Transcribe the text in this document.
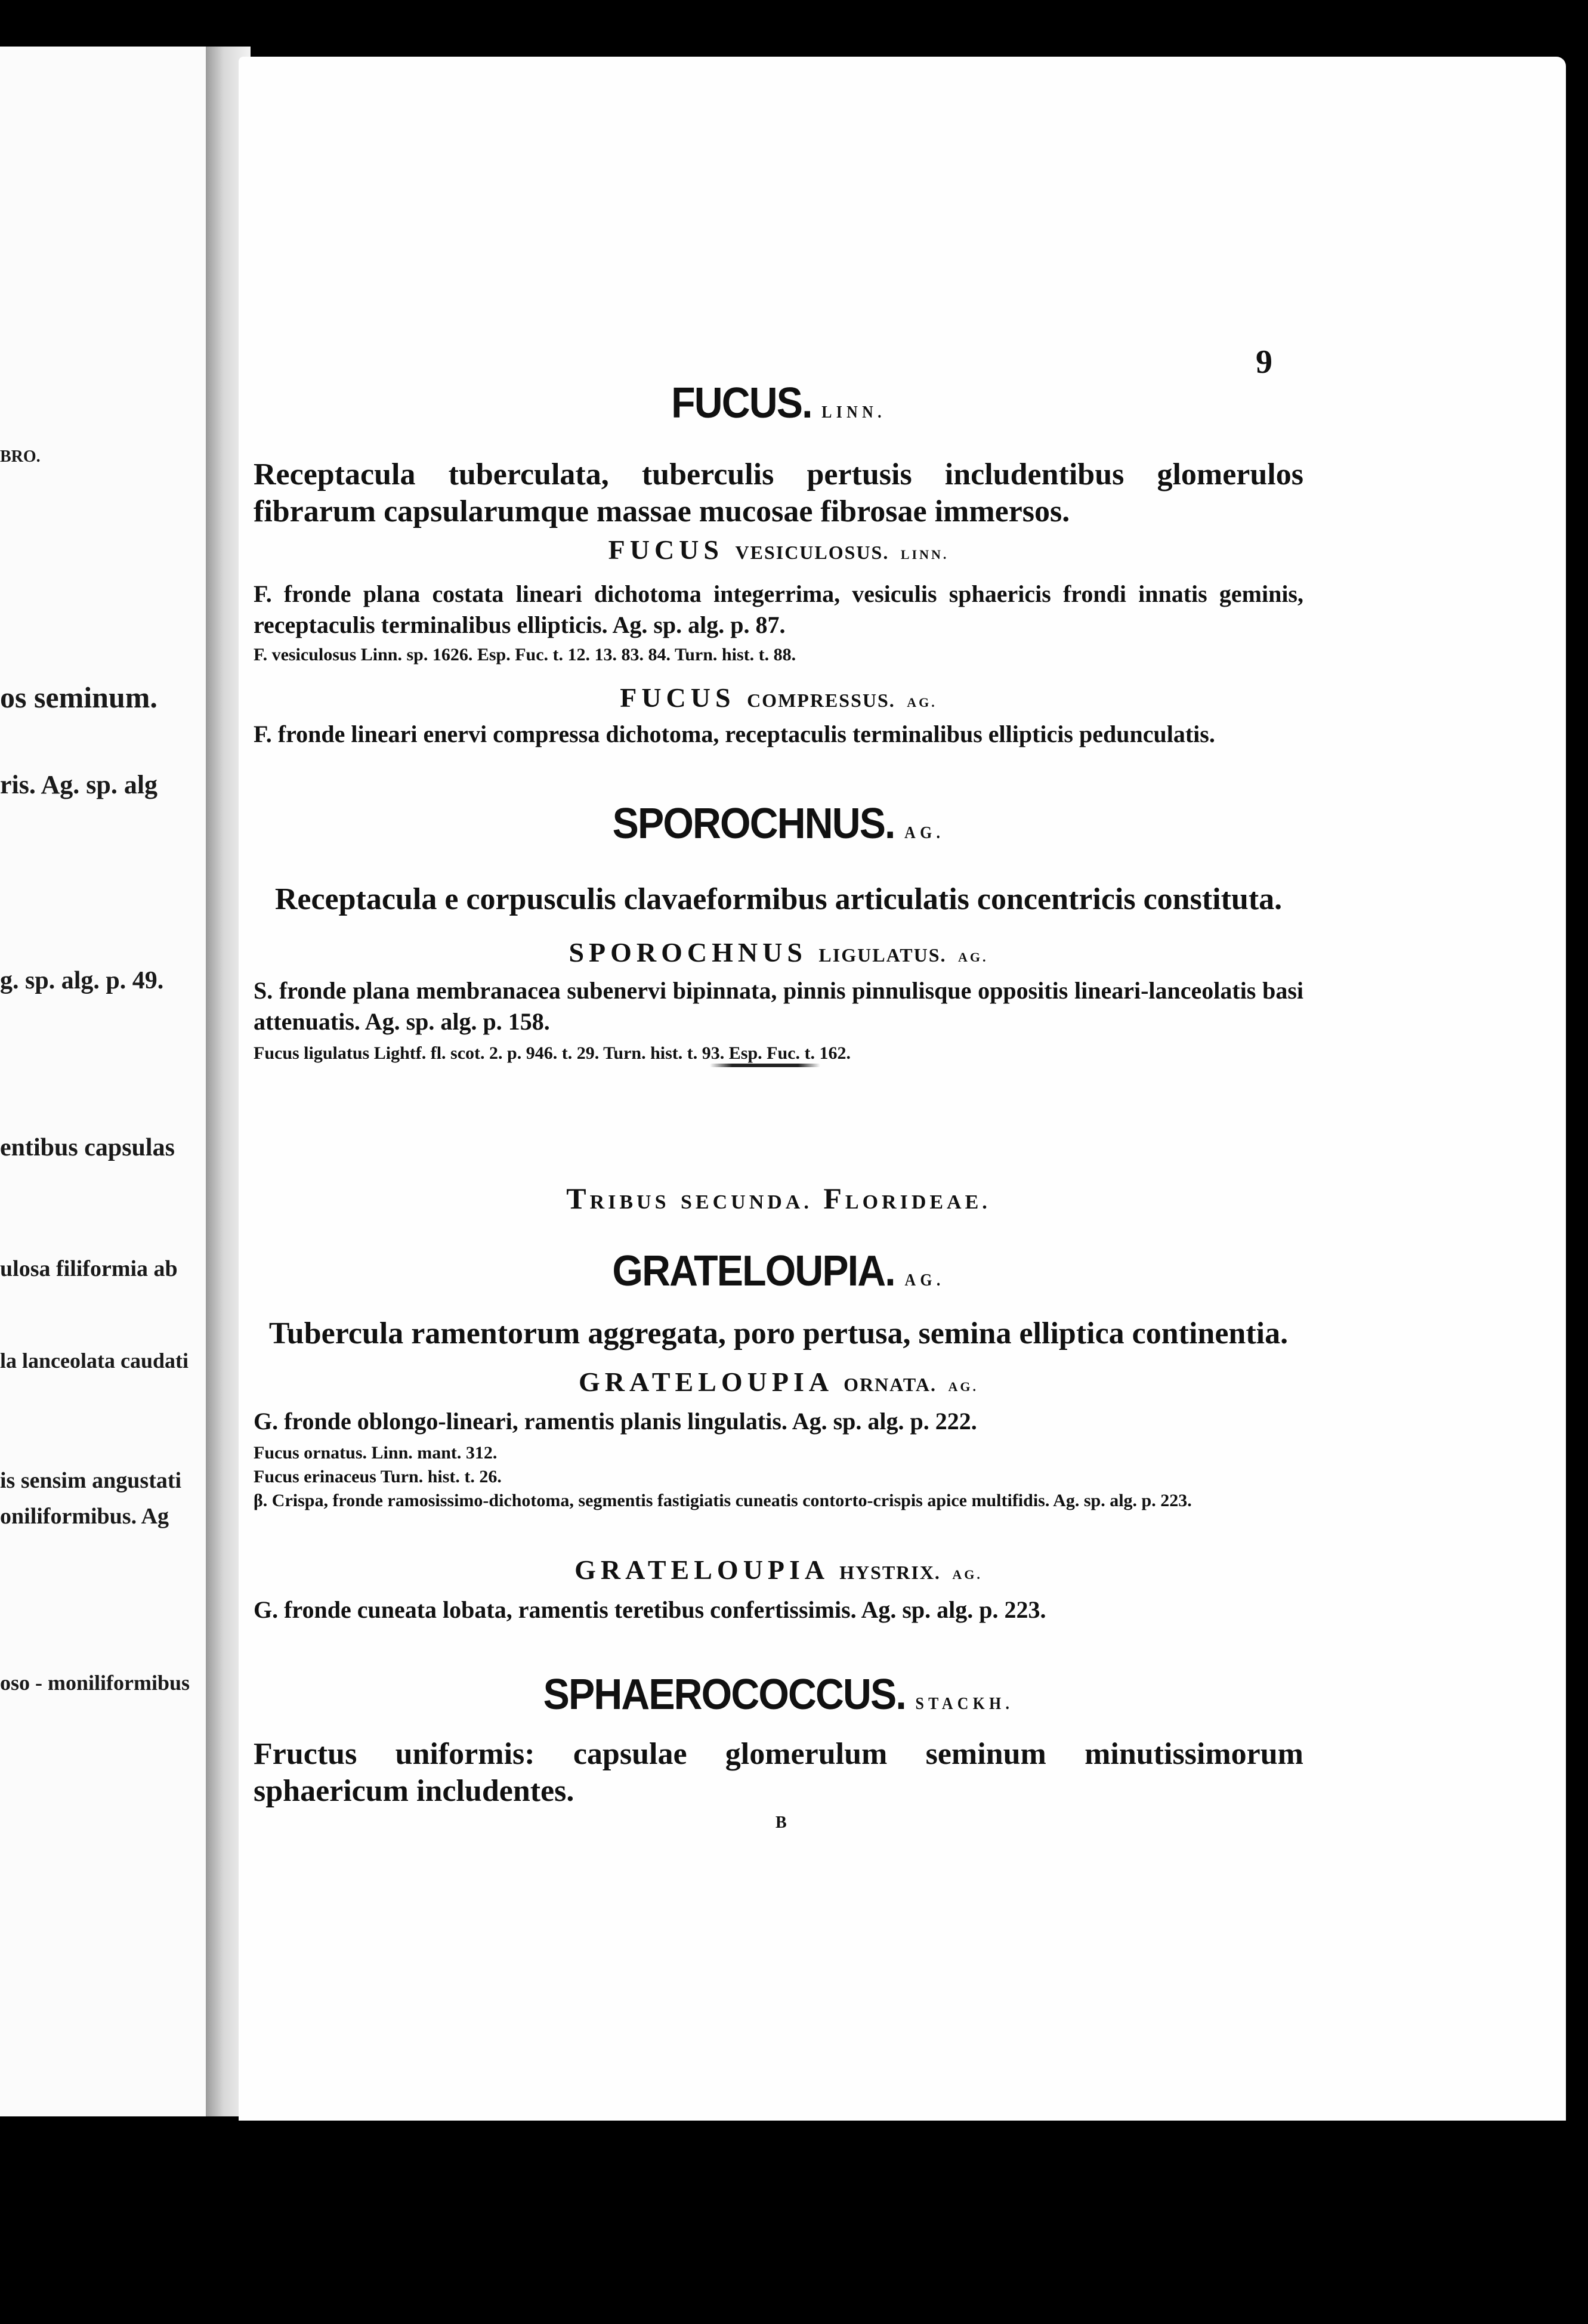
BRO.
os seminum.
ris. Ag. sp. alg
g. sp. alg. p. 49.
entibus capsulas
ulosa filiformia ab
la lanceolata caudati
is sensim angustati
oniliformibus. Ag
oso - moniliformibus
9
FUCUS. LINN.
Receptacula tuberculata, tuberculis pertusis includentibus glomerulos fibrarum capsularumque massae mucosae fibrosae immersos.
FUCUS VESICULOSUS. LINN.
F. fronde plana costata lineari dichotoma integerrima, vesiculis sphaericis frondi innatis geminis, receptaculis terminalibus ellipticis. Ag. sp. alg. p. 87.
F. vesiculosus Linn. sp. 1626. Esp. Fuc. t. 12. 13. 83. 84. Turn. hist. t. 88.
FUCUS COMPRESSUS. AG.
F. fronde lineari enervi compressa dichotoma, receptaculis terminalibus ellipticis pedunculatis.
SPOROCHNUS. AG.
Receptacula e corpusculis clavaeformibus articulatis concentricis constituta.
SPOROCHNUS LIGULATUS. AG.
S. fronde plana membranacea subenervi bipinnata, pinnis pinnulisque oppositis lineari-lanceolatis basi attenuatis. Ag. sp. alg. p. 158.
Fucus ligulatus Lightf. fl. scot. 2. p. 946. t. 29. Turn. hist. t. 93. Esp. Fuc. t. 162.
TRIBUS SECUNDA. FLORIDEAE.
GRATELOUPIA. AG.
Tubercula ramentorum aggregata, poro pertusa, semina elliptica continentia.
GRATELOUPIA ORNATA. AG.
G. fronde oblongo-lineari, ramentis planis lingulatis. Ag. sp. alg. p. 222.
Fucus ornatus. Linn. mant. 312.
Fucus erinaceus Turn. hist. t. 26.
β. Crispa, fronde ramosissimo-dichotoma, segmentis fastigiatis cuneatis contorto-crispis apice multifidis. Ag. sp. alg. p. 223.
GRATELOUPIA HYSTRIX. AG.
G. fronde cuneata lobata, ramentis teretibus confertissimis. Ag. sp. alg. p. 223.
SPHAEROCOCCUS. STACKH.
Fructus uniformis: capsulae glomerulum seminum minutissimorum sphaericum includentes.
B
